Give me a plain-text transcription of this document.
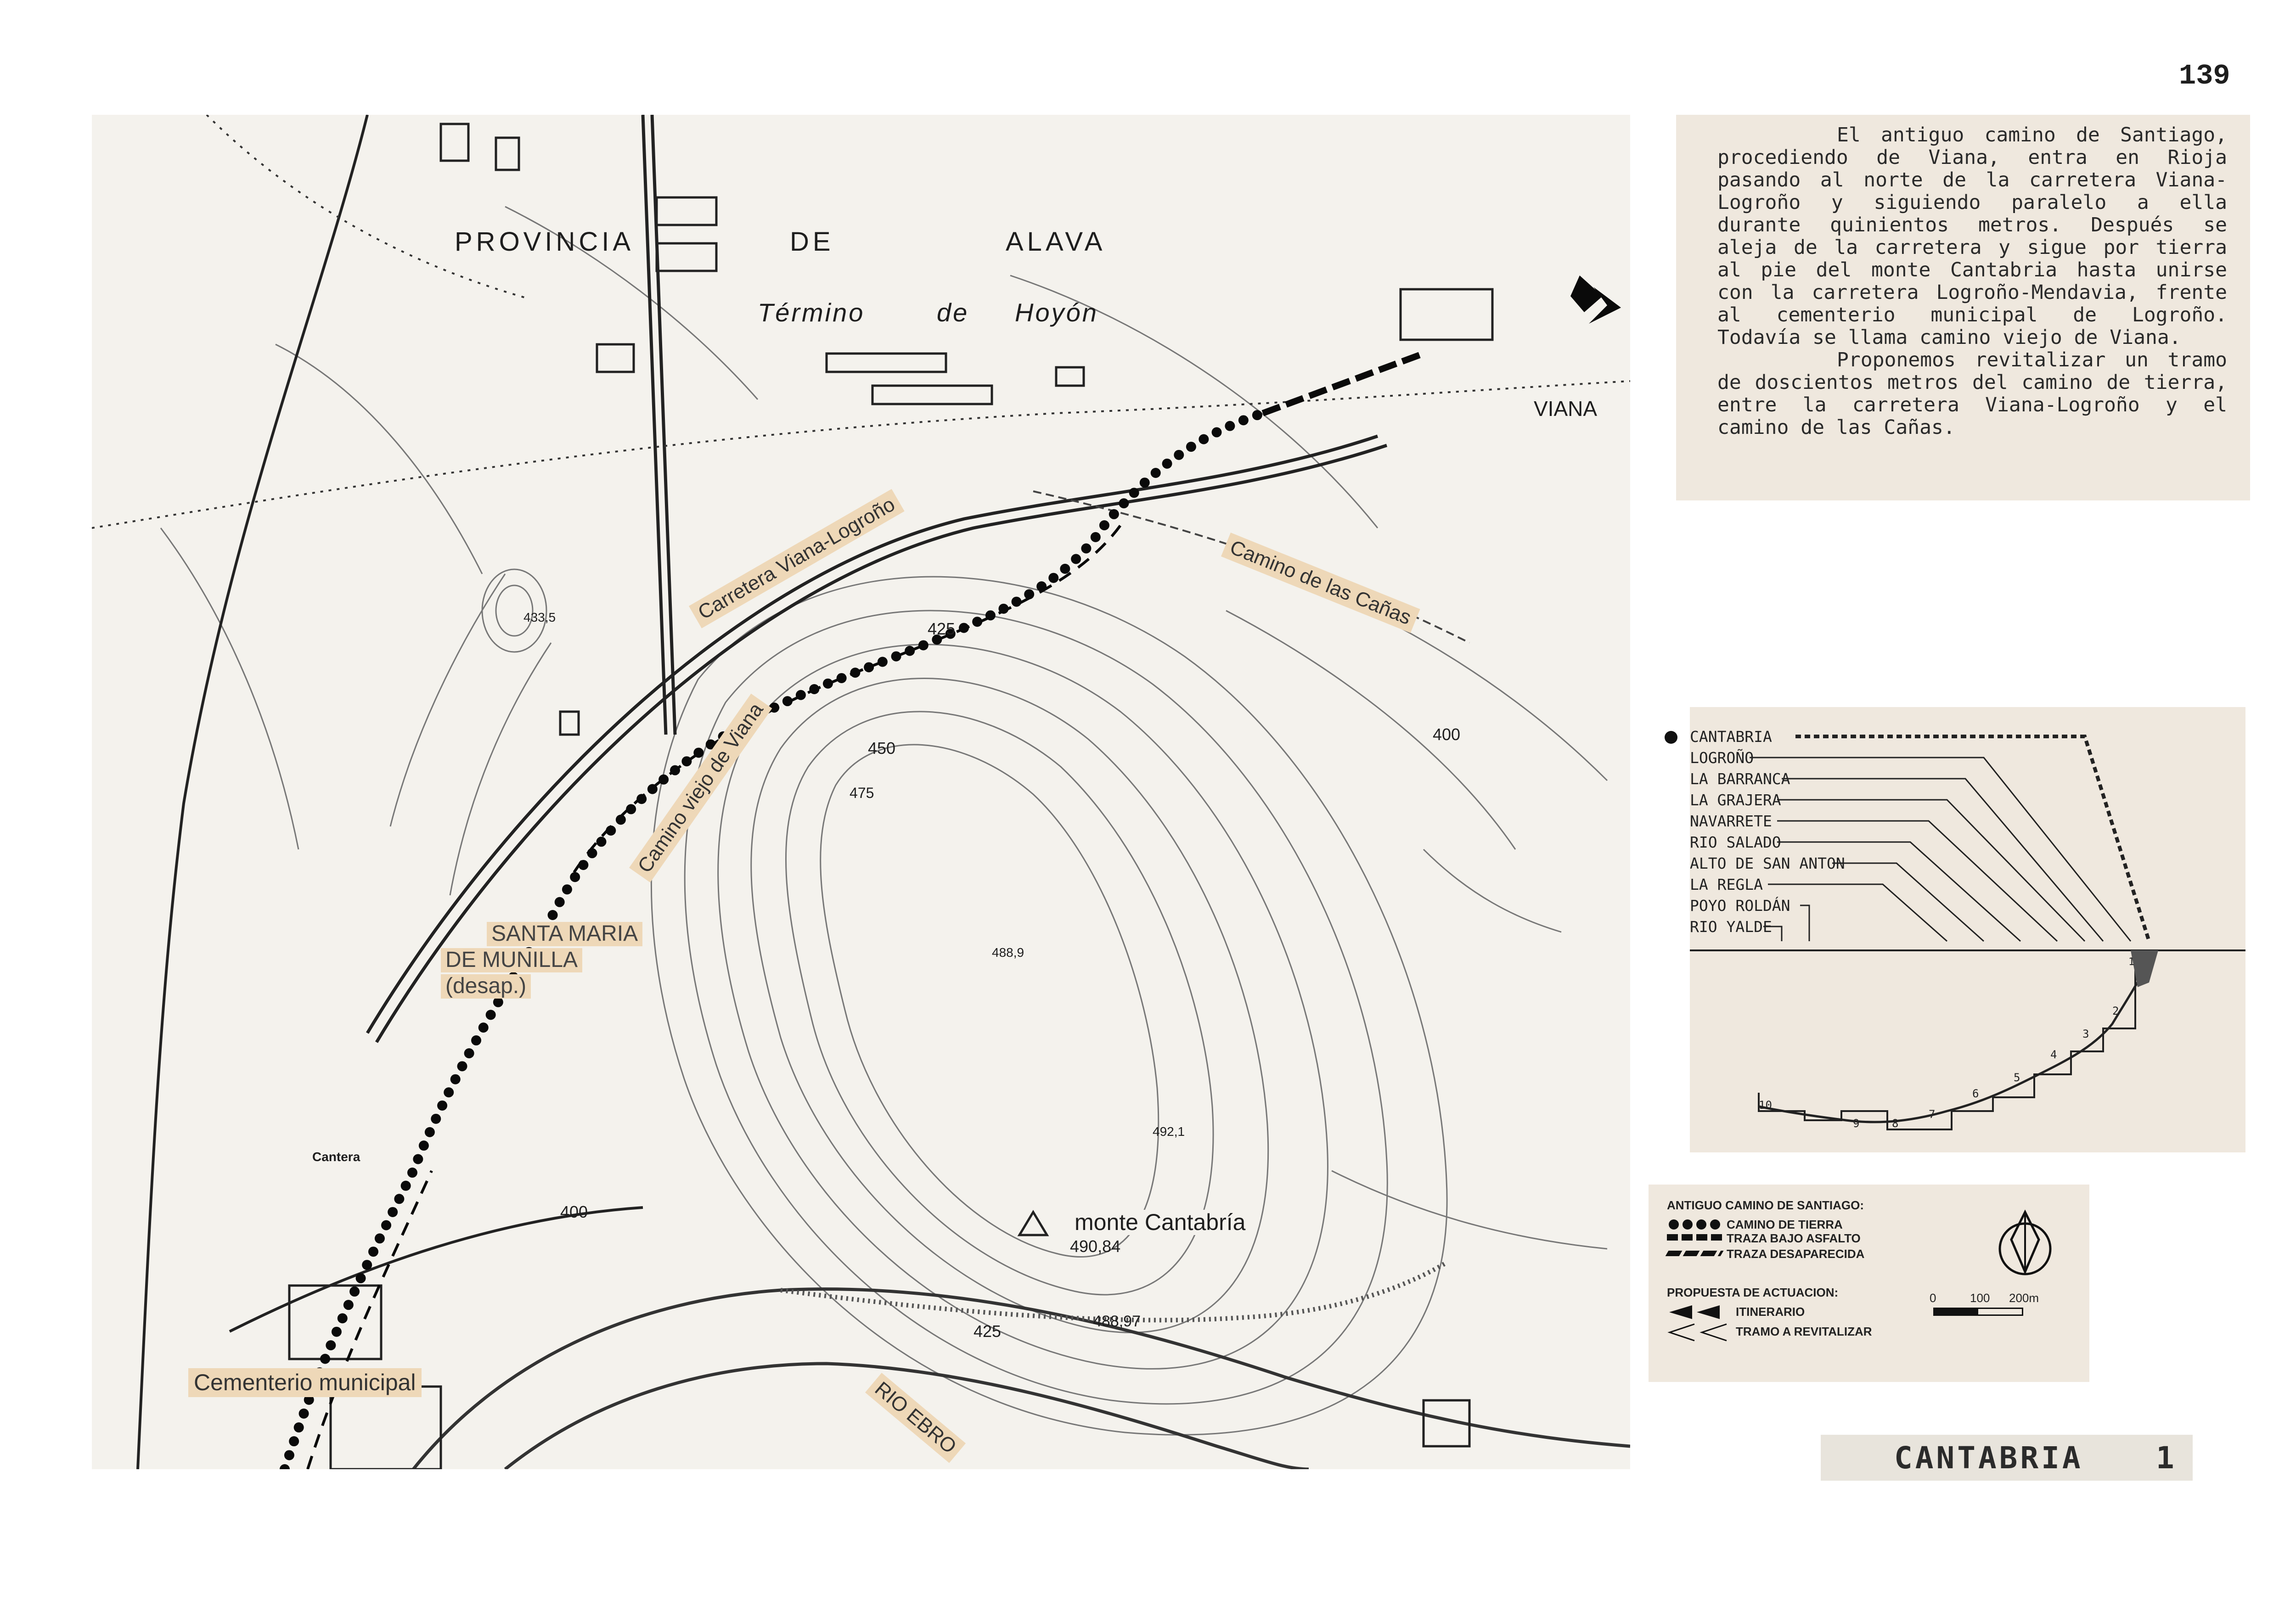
139
PROVINCIA	DE	ALAVA
Término	de Hoyón
VIANA
Carretera Viana-Logroño	Camino de las Cañas
Camino viejo de Viana
SANTA MARIA
DE MUNILLA
(desap.)
monte Cantabría
490,84
Cementerio municipal	RIO EBRO
Cantera
425
425
450
475
400
400
433,5
488,9
492,1
488,97

El antiguo camino de Santiago, procediendo de Viana, entra en Rioja pasando al norte de la carretera Viana-Logroño y siguiendo paralelo a ella durante quinientos metros. Después se aleja de la carretera y sigue por tierra al pie del monte Cantabria hasta unirse con la carretera Logroño-Mendavia, frente al cementerio municipal de Logroño. Todavía se llama camino viejo de Viana.

Proponemos revitalizar un tramo de doscientos metros del camino de tierra, entre la carretera Viana-Logroño y el camino de las Cañas.

CANTABRIA
LOGROÑO
LA BARRANCA
LA GRAJERA
NAVARRETE
RIO SALADO
ALTO DE SAN ANTON
LA REGLA
POYO ROLDÁN
RIO YALDE
1
2
3
4
5
6
7
8
9
10
ANTIGUO CAMINO DE SANTIAGO:
CAMINO DE TIERRA
TRAZA BAJO ASFALTO
TRAZA DESAPARECIDA
PROPUESTA DE ACTUACION:
ITINERARIO
TRAMO A REVITALIZAR
0	100 200m
CANTABRIA 1
